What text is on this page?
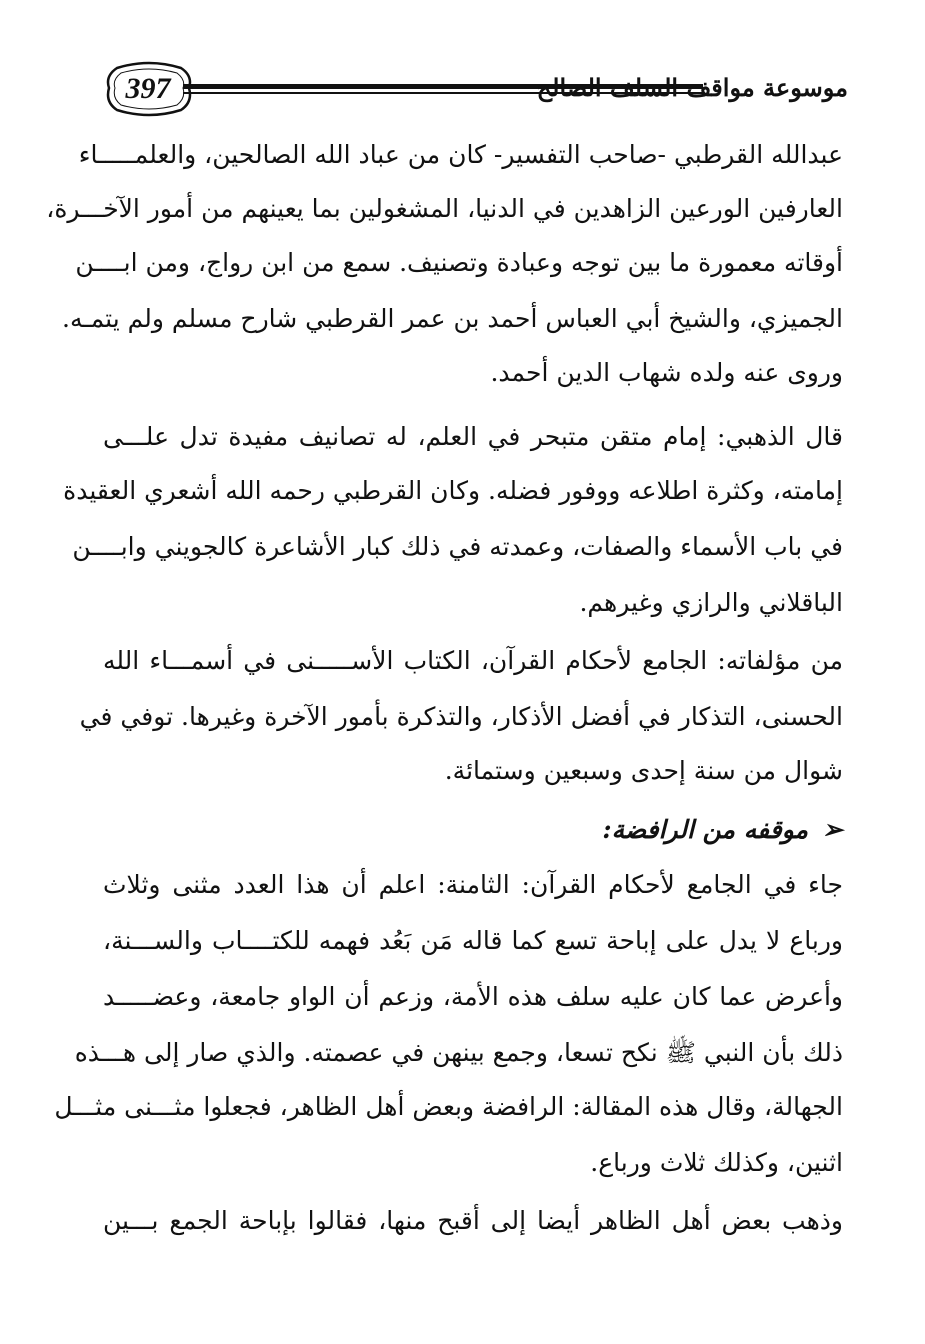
397	موسوعة مواقف السلف الصالح
عبدالله القرطبي -صاحب التفسير- كان من عباد الله الصالحين، والعلمـــــاء
العارفين الورعين الزاهدين في الدنيا، المشغولين بما يعينهم من أمور الآخـــرة،
أوقاته معمورة ما بين توجه وعبادة وتصنيف. سمع من ابن رواج، ومن ابــــن
الجميزي، والشيخ أبي العباس أحمد بن عمر القرطبي شارح مسلم ولم يتمـه.
وروى عنه ولده شهاب الدين أحمد.
قال الذهبي: إمام متقن متبحر في العلم، له تصانيف مفيدة تدل علـــى
إمامته، وكثرة اطلاعه ووفور فضله. وكان القرطبي رحمه الله أشعري العقيدة
في باب الأسماء والصفات، وعمدته في ذلك كبار الأشاعرة كالجويني وابــــن
الباقلاني والرازي وغيرهم.
من مؤلفاته: الجامع لأحكام القرآن، الكتاب الأســـــنى في أسمـــاء الله
الحسنى، التذكار في أفضل الأذكار، والتذكرة بأمور الآخرة وغيرها. توفي في
شوال من سنة إحدى وسبعين وستمائة.
➢
موقفه من الرافضة:
جاء في الجامع لأحكام القرآن: الثامنة: اعلم أن هذا العدد مثنى وثلاث
ورباع لا يدل على إباحة تسع كما قاله مَن بَعُد فهمه للكتــــاب والســـنة،
وأعرض عما كان عليه سلف هذه الأمة، وزعم أن الواو جامعة، وعضـــــد
ذلك بأن النبي ﷺ نكح تسعا، وجمع بينهن في عصمته. والذي صار إلى هـــذه
الجهالة، وقال هذه المقالة: الرافضة وبعض أهل الظاهر، فجعلوا مثـــنى مثـــل
اثنين، وكذلك ثلاث ورباع.
وذهب بعض أهل الظاهر أيضا إلى أقبح منها، فقالوا بإباحة الجمع بـــين
